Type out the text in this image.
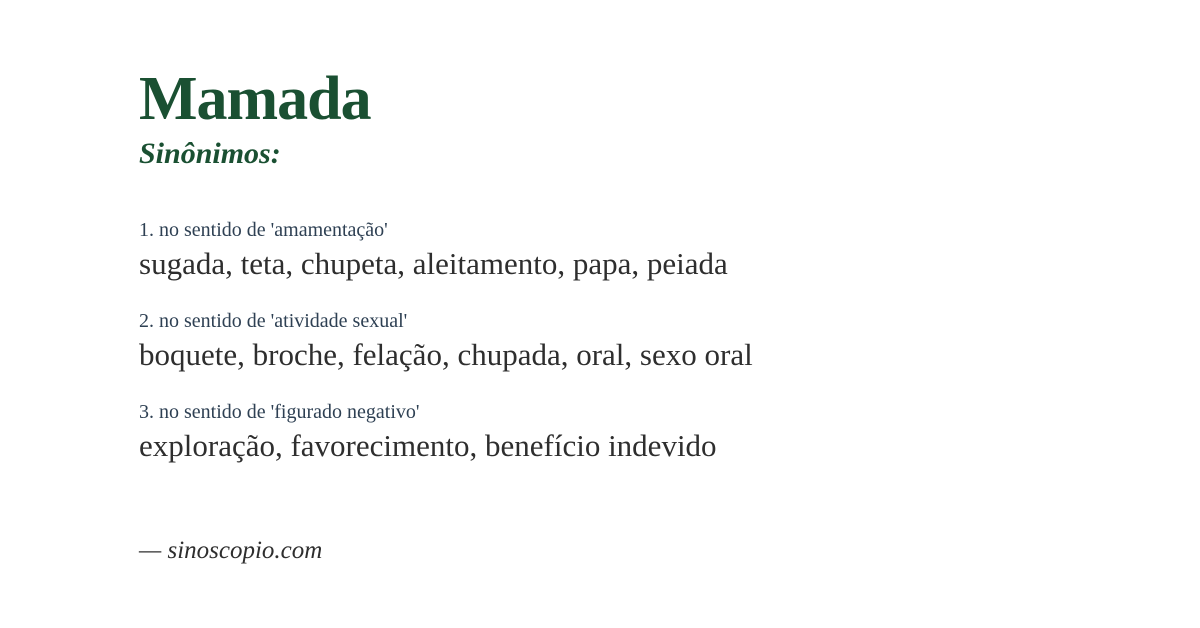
Mamada
Sinônimos:
1. no sentido de 'amamentação'
sugada, teta, chupeta, aleitamento, papa, peiada
2. no sentido de 'atividade sexual'
boquete, broche, felação, chupada, oral, sexo oral
3. no sentido de 'figurado negativo'
exploração, favorecimento, benefício indevido
— sinoscopio.com
